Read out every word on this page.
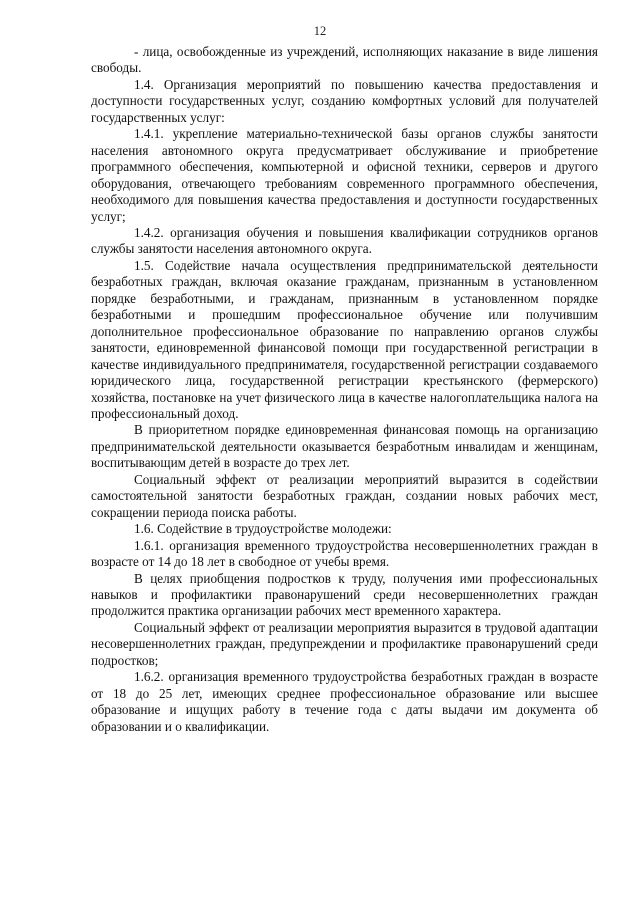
12

- лица, освобожденные из учреждений, исполняющих наказание в виде лишения свободы.

1.4. Организация мероприятий по повышению качества предоставления и доступности государственных услуг, созданию комфортных условий для получателей государственных услуг:

1.4.1. укрепление материально-технической базы органов службы занятости населения автономного округа предусматривает обслуживание и приобретение программного обеспечения, компьютерной и офисной техники, серверов и другого оборудования, отвечающего требованиям современного программного обеспечения, необходимого для повышения качества предоставления и доступности государственных услуг;

1.4.2. организация обучения и повышения квалификации сотрудников органов службы занятости населения автономного округа.

1.5. Содействие начала осуществления предпринимательской деятельности безработных граждан, включая оказание гражданам, признанным в установленном порядке безработными, и гражданам, признанным в установленном порядке безработными и прошедшим профессиональное обучение или получившим дополнительное профессиональное образование по направлению органов службы занятости, единовременной финансовой помощи при государственной регистрации в качестве индивидуального предпринимателя, государственной регистрации создаваемого юридического лица, государственной регистрации крестьянского (фермерского) хозяйства, постановке на учет физического лица в качестве налогоплательщика налога на профессиональный доход.

В приоритетном порядке единовременная финансовая помощь на организацию предпринимательской деятельности оказывается безработным инвалидам и женщинам, воспитывающим детей в возрасте до трех лет.

Социальный эффект от реализации мероприятий выразится в содействии самостоятельной занятости безработных граждан, создании новых рабочих мест, сокращении периода поиска работы.

1.6. Содействие в трудоустройстве молодежи:

1.6.1. организация временного трудоустройства несовершеннолетних граждан в возрасте от 14 до 18 лет в свободное от учебы время.

В целях приобщения подростков к труду, получения ими профессиональных навыков и профилактики правонарушений среди несовершеннолетних граждан продолжится практика организации рабочих мест временного характера.

Социальный эффект от реализации мероприятия выразится в трудовой адаптации несовершеннолетних граждан, предупреждении и профилактике правонарушений среди подростков;

1.6.2. организация временного трудоустройства безработных граждан в возрасте от 18 до 25 лет, имеющих среднее профессиональное образование или высшее образование и ищущих работу в течение года с даты выдачи им документа об образовании и о квалификации.
